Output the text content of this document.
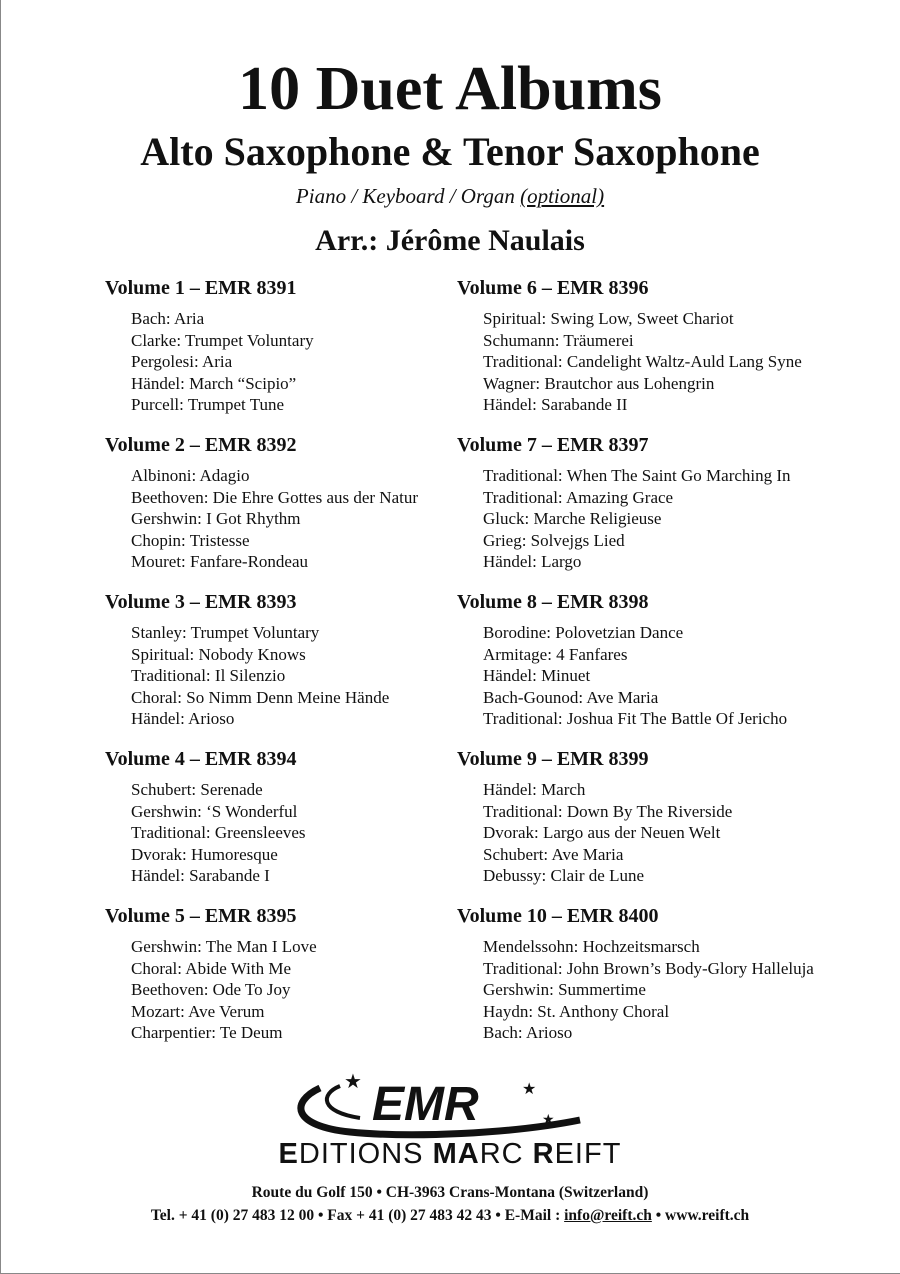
10 Duet Albums
Alto Saxophone & Tenor Saxophone
Piano / Keyboard / Organ (optional)
Arr.: Jérôme Naulais
Volume 1 – EMR 8391
Bach: Aria
Clarke: Trumpet Voluntary
Pergolesi: Aria
Händel: March “Scipio”
Purcell: Trumpet Tune
Volume 2 – EMR 8392
Albinoni: Adagio
Beethoven: Die Ehre Gottes aus der Natur
Gershwin: I Got Rhythm
Chopin: Tristesse
Mouret: Fanfare-Rondeau
Volume 3 – EMR 8393
Stanley: Trumpet Voluntary
Spiritual: Nobody Knows
Traditional: Il Silenzio
Choral: So Nimm Denn Meine Hände
Händel: Arioso
Volume 4 – EMR 8394
Schubert: Serenade
Gershwin: ‘S Wonderful
Traditional: Greensleeves
Dvorak: Humoresque
Händel: Sarabande I
Volume 5 – EMR 8395
Gershwin: The Man I Love
Choral: Abide With Me
Beethoven: Ode To Joy
Mozart: Ave Verum
Charpentier: Te Deum
Volume 6 – EMR 8396
Spiritual: Swing Low, Sweet Chariot
Schumann: Träumerei
Traditional: Candelight Waltz-Auld Lang Syne
Wagner: Brautchor aus Lohengrin
Händel: Sarabande II
Volume 7 – EMR 8397
Traditional: When The Saint Go Marching In
Traditional: Amazing Grace
Gluck: Marche Religieuse
Grieg: Solvejgs Lied
Händel: Largo
Volume 8 – EMR 8398
Borodine: Polovetzian Dance
Armitage: 4 Fanfares
Händel: Minuet
Bach-Gounod: Ave Maria
Traditional: Joshua Fit The Battle Of Jericho
Volume 9 – EMR 8399
Händel: March
Traditional: Down By The Riverside
Dvorak: Largo aus der Neuen Welt
Schubert: Ave Maria
Debussy: Clair de Lune
Volume 10 – EMR 8400
Mendelssohn: Hochzeitsmarsch
Traditional: John Brown’s Body-Glory Halleluja
Gershwin: Summertime
Haydn: St. Anthony Choral
Bach: Arioso
EMR
★	★
★
EDITIONS MARC REIFT
Route du Golf 150 • CH-3963 Crans-Montana (Switzerland)
Tel. + 41 (0) 27 483 12 00 • Fax + 41 (0) 27 483 42 43 • E-Mail : info@reift.ch • www.reift.ch
